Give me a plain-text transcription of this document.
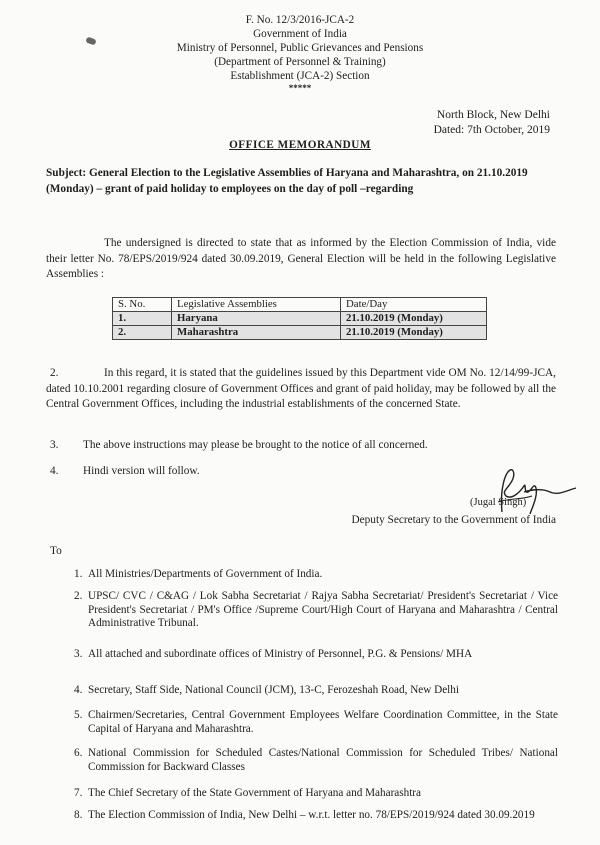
F. No. 12/3/2016-JCA-2
Government of India
Ministry of Personnel, Public Grievances and Pensions
(Department of Personnel & Training)
Establishment (JCA-2) Section
*****
North Block, New Delhi
Dated: 7th October, 2019
OFFICE MEMORANDUM
Subject: General Election to the Legislative Assemblies of Haryana and Maharashtra, on 21.10.2019 (Monday) – grant of paid holiday to employees on the day of poll –regarding
The undersigned is directed to state that as informed by the Election Commission of India, vide their letter No. 78/EPS/2019/924 dated 30.09.2019, General Election will be held in the following Legislative Assemblies :
S. No.	Legislative Assemblies	Date/Day
1.	Haryana	21.10.2019 (Monday)
2.	Maharashtra	21.10.2019 (Monday)
2.	In this regard, it is stated that the guidelines issued by this Department vide OM No. 12/14/99-JCA, dated 10.10.2001 regarding closure of Government Offices and grant of paid holiday, may be followed by all the Central Government Offices, including the industrial establishments of the concerned State.
3. The above instructions may please be brought to the notice of all concerned.
4. Hindi version will follow.
(Jugal Singh)
Deputy Secretary to the Government of India
To
1. All Ministries/Departments of Government of India.
2. UPSC/ CVC / C&AG / Lok Sabha Secretariat / Rajya Sabha Secretariat/ President's Secretariat / Vice President's Secretariat / PM's Office /Supreme Court/High Court of Haryana and Maharashtra / Central Administrative Tribunal.
3. All attached and subordinate offices of Ministry of Personnel, P.G. & Pensions/ MHA
4. Secretary, Staff Side, National Council (JCM), 13-C, Ferozeshah Road, New Delhi
5. Chairmen/Secretaries, Central Government Employees Welfare Coordination Committee, in the State Capital of Haryana and Maharashtra.
6. National Commission for Scheduled Castes/National Commission for Scheduled Tribes/ National Commission for Backward Classes
7. The Chief Secretary of the State Government of Haryana and Maharashtra
8. The Election Commission of India, New Delhi – w.r.t. letter no. 78/EPS/2019/924 dated 30.09.2019
